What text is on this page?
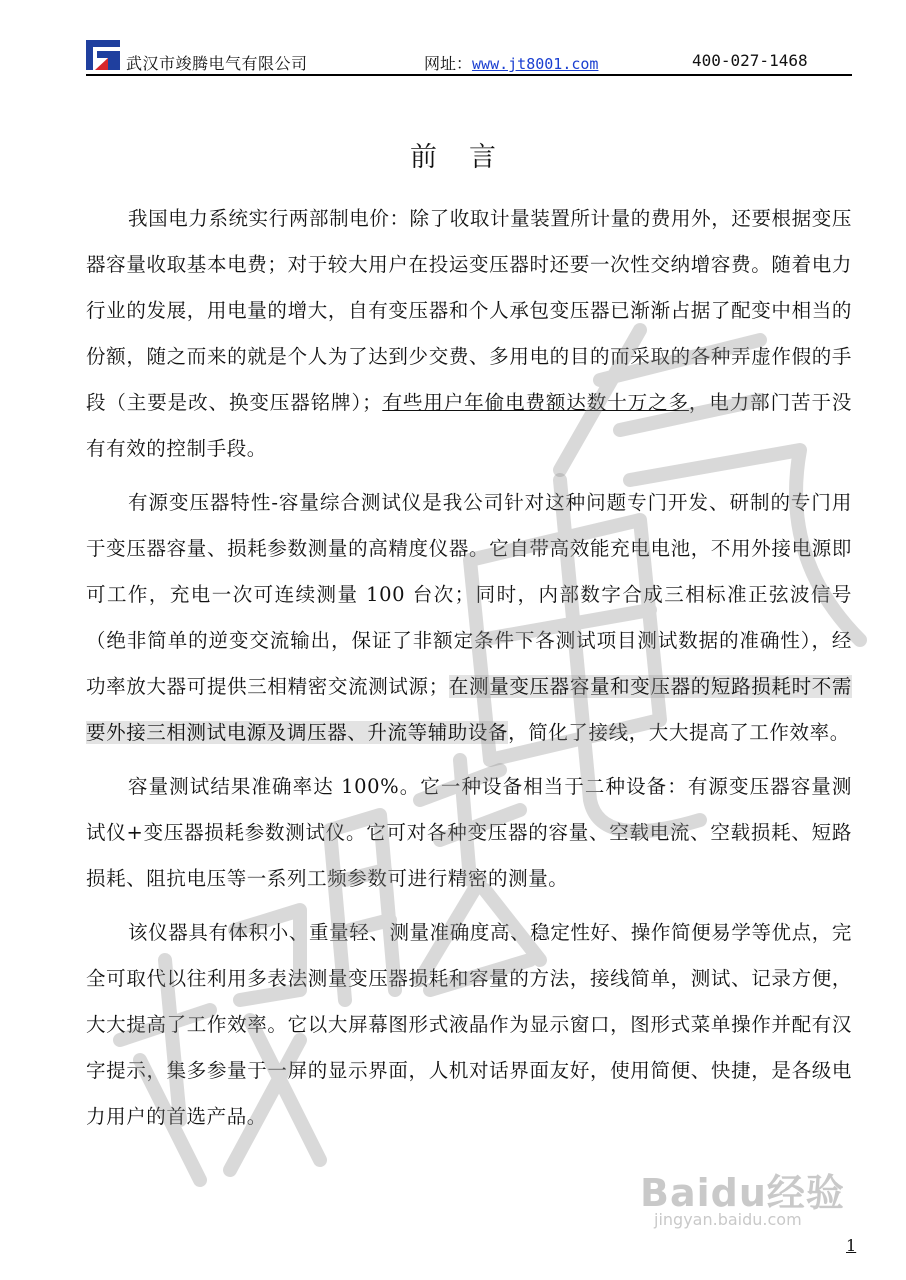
武汉市竣腾电气有限公司	网址：www.jt8001.com	400-027-1468
前言

我国电力系统实行两部制电价：除了收取计量装置所计量的费用外，还要根据变压器容量收取基本电费；对于较大用户在投运变压器时还要一次性交纳增容费。随着电力行业的发展，用电量的增大，自有变压器和个人承包变压器已渐渐占据了配变中相当的份额，随之而来的就是个人为了达到少交费、多用电的目的而采取的各种弄虚作假的手段（主要是改、换变压器铭牌）；有些用户年偷电费额达数十万之多，电力部门苦于没有有效的控制手段。

有源变压器特性-容量综合测试仪是我公司针对这种问题专门开发、研制的专门用于变压器容量、损耗参数测量的高精度仪器。它自带高效能充电电池，不用外接电源即可工作，充电一次可连续测量 100 台次；同时，内部数字合成三相标准正弦波信号（绝非简单的逆变交流输出，保证了非额定条件下各测试项目测试数据的准确性），经功率放大器可提供三相精密交流测试源；在测量变压器容量和变压器的短路损耗时不需要外接三相测试电源及调压器、升流等辅助设备，简化了接线，大大提高了工作效率。

容量测试结果准确率达 100%。它一种设备相当于二种设备：有源变压器容量测试仪+变压器损耗参数测试仪。它可对各种变压器的容量、空载电流、空载损耗、短路损耗、阻抗电压等一系列工频参数可进行精密的测量。

该仪器具有体积小、重量轻、测量准确度高、稳定性好、操作简便易学等优点，完全可取代以往利用多表法测量变压器损耗和容量的方法，接线简单，测试、记录方便，大大提高了工作效率。它以大屏幕图形式液晶作为显示窗口，图形式菜单操作并配有汉字提示，集多参量于一屏的显示界面，人机对话界面友好，使用简便、快捷，是各级电力用户的首选产品。

Baidu经验
jingyan.baidu.com
1
